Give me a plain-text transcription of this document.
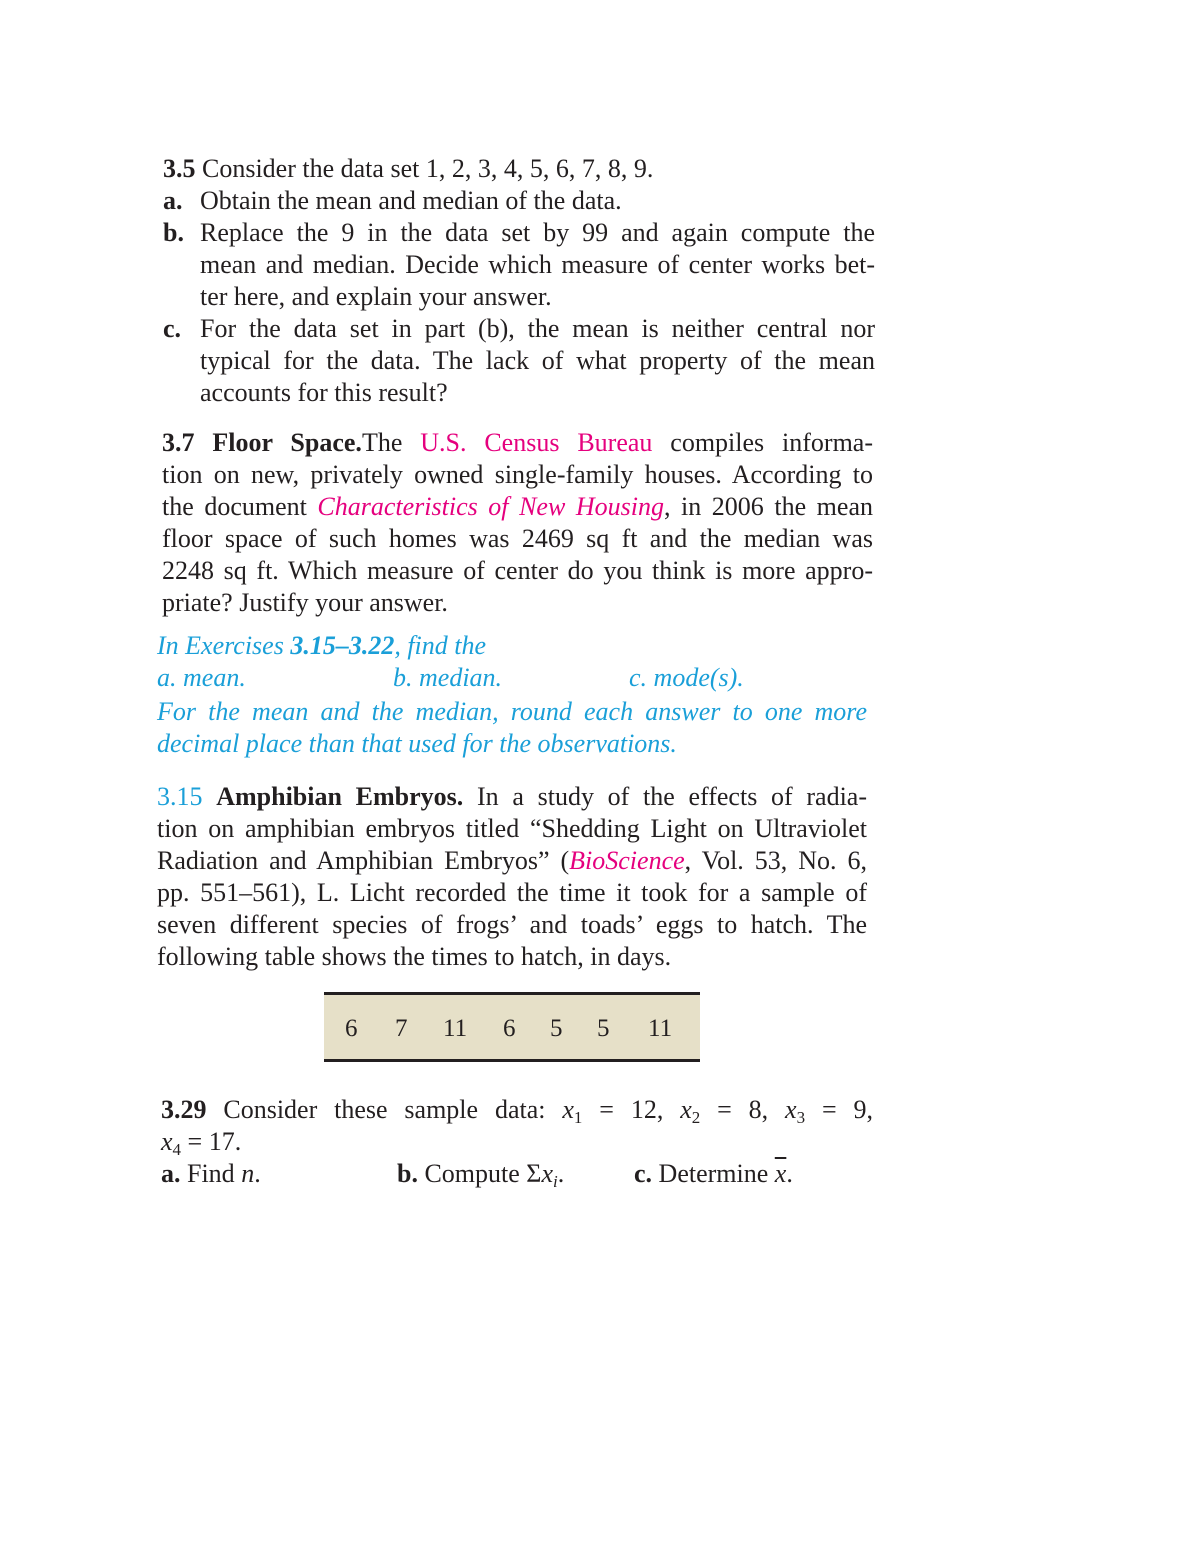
3.5 Consider the data set 1, 2, 3, 4, 5, 6, 7, 8, 9.
a. Obtain the mean and median of the data.
b. Replace the 9 in the data set by 99 and again compute the
mean and median. Decide which measure of center works bet-
ter here, and explain your answer.
c. For the data set in part (b), the mean is neither central nor
typical for the data. The lack of what property of the mean
accounts for this result?
3.7 Floor Space.The U.S. Census Bureau compiles informa-
tion on new, privately owned single-family houses. According to
the document Characteristics of New Housing, in 2006 the mean
floor space of such homes was 2469 sq ft and the median was
2248 sq ft. Which measure of center do you think is more appro-
priate? Justify your answer.
In Exercises 3.15–3.22, find the
a. mean.	b. median.	c. mode(s).
For the mean and the median, round each answer to one more
decimal place than that used for the observations.
3.15 Amphibian Embryos. In a study of the effects of radia-
tion on amphibian embryos titled “Shedding Light on Ultraviolet
Radiation and Amphibian Embryos” (BioScience, Vol. 53, No. 6,
pp. 551–561), L. Licht recorded the time it took for a sample of
seven different species of frogs’ and toads’ eggs to hatch. The
following table shows the times to hatch, in days.
6 7 11 6 5 5 11
3.29 Consider these sample data: $x_1 = 12$, $x_2 = 8$, $x_3 = 9$,
$x_4 = 17$.
a. Find n.	b. Compute $\Sigma x_i$.	c. Determine $\overline{x}$.
